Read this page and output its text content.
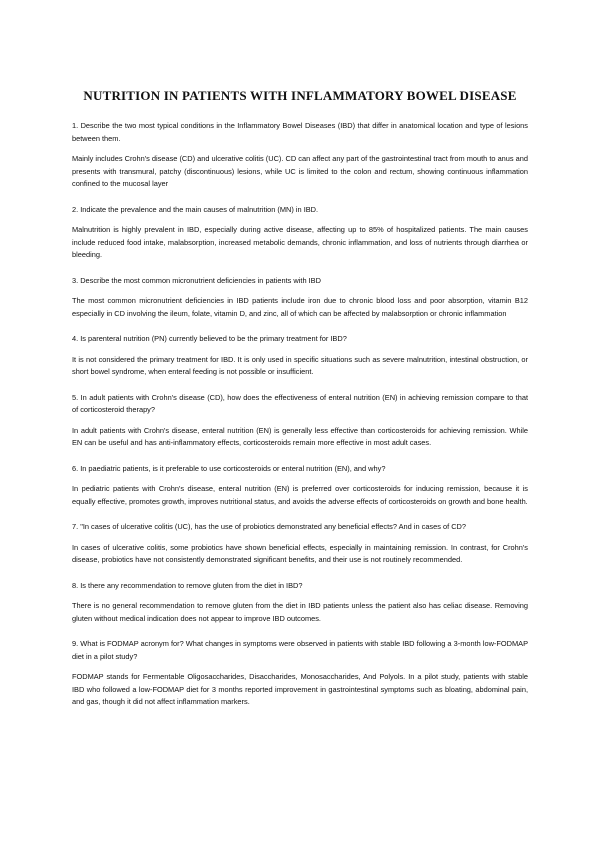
NUTRITION IN PATIENTS WITH INFLAMMATORY BOWEL DISEASE

1. Describe the two most typical conditions in the Inflammatory Bowel Diseases (IBD) that differ in anatomical location and type of lesions between them.

Mainly includes Crohn's disease (CD) and ulcerative colitis (UC). CD can affect any part of the gastrointestinal tract from mouth to anus and presents with transmural, patchy (discontinuous) lesions, while UC is limited to the colon and rectum, showing continuous inflammation confined to the mucosal layer

2. Indicate the prevalence and the main causes of malnutrition (MN) in IBD.

Malnutrition is highly prevalent in IBD, especially during active disease, affecting up to 85% of hospitalized patients. The main causes include reduced food intake, malabsorption, increased metabolic demands, chronic inflammation, and loss of nutrients through diarrhea or bleeding.

3. Describe the most common micronutrient deficiencies in patients with IBD

The most common micronutrient deficiencies in IBD patients include iron due to chronic blood loss and poor absorption, vitamin B12 especially in CD involving the ileum, folate, vitamin D, and zinc, all of which can be affected by malabsorption or chronic inflammation

4. Is parenteral nutrition (PN) currently believed to be the primary treatment for IBD?

It is not considered the primary treatment for IBD. It is only used in specific situations such as severe malnutrition, intestinal obstruction, or short bowel syndrome, when enteral feeding is not possible or insufficient.

5. In adult patients with Crohn's disease (CD), how does the effectiveness of enteral nutrition (EN) in achieving remission compare to that of corticosteroid therapy?

In adult patients with Crohn's disease, enteral nutrition (EN) is generally less effective than corticosteroids for achieving remission. While EN can be useful and has anti-inflammatory effects, corticosteroids remain more effective in most adult cases.

6. In paediatric patients, is it preferable to use corticosteroids or enteral nutrition (EN), and why?

In pediatric patients with Crohn's disease, enteral nutrition (EN) is preferred over corticosteroids for inducing remission, because it is equally effective, promotes growth, improves nutritional status, and avoids the adverse effects of corticosteroids on growth and bone health.

7. "In cases of ulcerative colitis (UC), has the use of probiotics demonstrated any beneficial effects? And in cases of CD?

In cases of ulcerative colitis, some probiotics have shown beneficial effects, especially in maintaining remission. In contrast, for Crohn's disease, probiotics have not consistently demonstrated significant benefits, and their use is not routinely recommended.

8. Is there any recommendation to remove gluten from the diet in IBD?

There is no general recommendation to remove gluten from the diet in IBD patients unless the patient also has celiac disease. Removing gluten without medical indication does not appear to improve IBD outcomes.

9. What is FODMAP acronym for? What changes in symptoms were observed in patients with stable IBD following a 3-month low-FODMAP diet in a pilot study?

FODMAP stands for Fermentable Oligosaccharides, Disaccharides, Monosaccharides, And Polyols. In a pilot study, patients with stable IBD who followed a low-FODMAP diet for 3 months reported improvement in gastrointestinal symptoms such as bloating, abdominal pain, and gas, though it did not affect inflammation markers.
